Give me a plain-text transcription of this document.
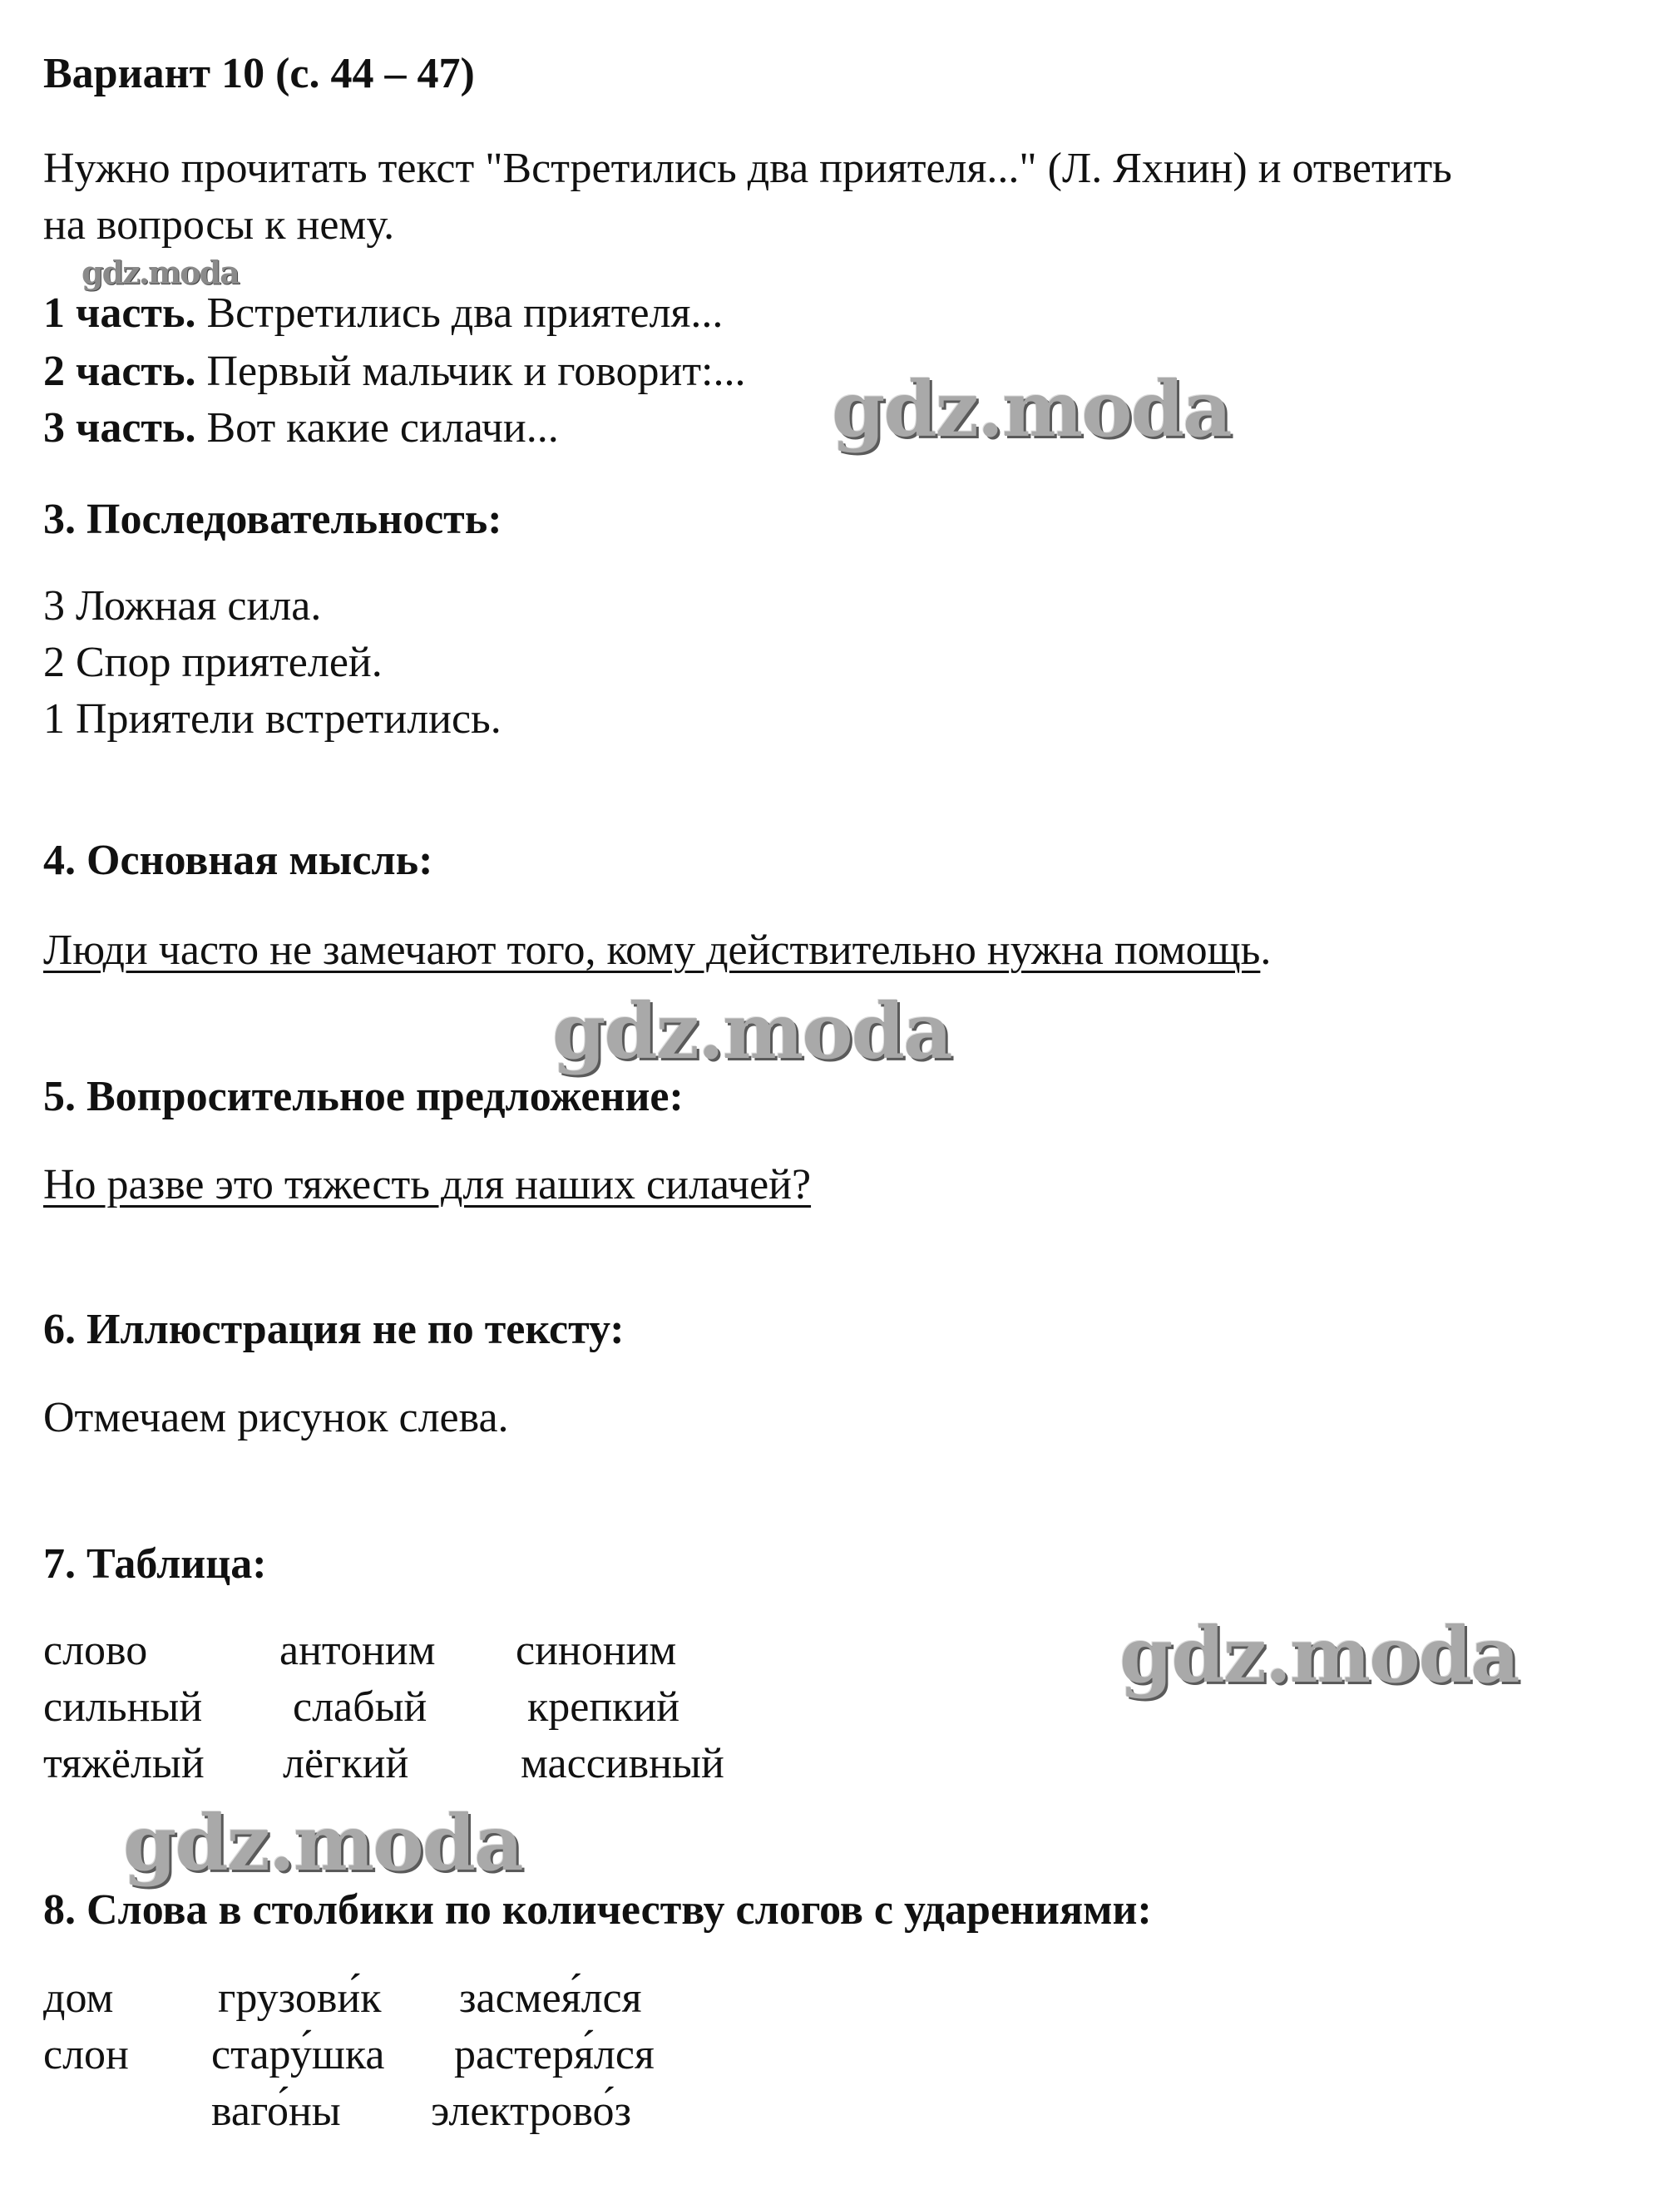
Вариант 10 (с. 44 – 47)
Нужно прочитать текст "Встретились два приятеля..." (Л. Яхнин) и ответить
на вопросы к нему.
1 часть. Встретились два приятеля...
2 часть. Первый мальчик и говорит:...
3 часть. Вот какие силачи...
3. Последовательность:
3 Ложная сила.
2 Спор приятелей.
1 Приятели встретились.
4. Основная мысль:
Люди часто не замечают того, кому действительно нужна помощь.
5. Вопросительное предложение:
Но разве это тяжесть для наших силачей?
6. Иллюстрация не по тексту:
Отмечаем рисунок слева.
7. Таблица:
слово	антоним синоним
сильный слабый крепкий
тяжёлый лёгкий	массивный
8. Слова в столбики по количеству слогов с ударениями:
дом
слон
грузови́к
стару́шка
ваго́ны
засмея́лся
растеря́лся
электрово́з
gdz.moda
gdz.moda
gdz.moda
gdz.moda
gdz.moda
